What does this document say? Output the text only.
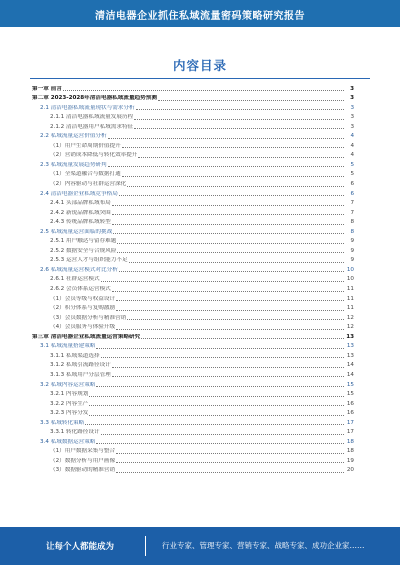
清洁电器企业抓住私域流量密码策略研究报告
内容目录
第一章 前言	3
第二章 2023-2028年清洁电器私域流量趋势预测	3
2.1 清洁电器私域流量现状与需求分析	3
2.1.1 清洁电器私域流量发展历程	3
2.1.2 清洁电器用户私域需求特征	3
2.2 私域流量运营价值分析	4
（1）用户生命周期价值提升	4
（2）营销成本降低与转化效率提升	4
2.3 私域流量发展趋势研判	5
（1）全渠道融合与数据打通	5
（2）内容驱动与社群运营深化	6
2.4 清洁电器企业私域竞争格局	6
2.4.1 头部品牌私域布局	7
2.4.2 新锐品牌私域突围	7
2.4.3 传统品牌私域转型	8
2.5 私域流量运营面临的挑战	8
2.5.1 用户触达与留存难题	9
2.5.2 数据安全与合规风险	9
2.5.3 运营人才与组织能力不足	9
2.6 私域流量运营模式对比分析	10
2.6.1 社群运营模式	10
2.6.2 会员体系运营模式	11
（1）会员等级与权益设计	11
（2）积分体系与复购激励	11
（3）会员数据分析与精准营销	12
（4）会员服务与体验升级	12
第三章 清洁电器企业私域流量运营策略研究	13
3.1 私域流量搭建策略	13
3.1.1 私域渠道选择	13
3.1.2 私域引流路径设计	14
3.1.3 私域用户分层管理	14
3.2 私域内容运营策略	15
3.2.1 内容规划	15
3.2.2 内容生产	16
3.2.3 内容分发	16
3.3 私域转化策略	17
3.3.1 转化路径设计	17
3.4 私域数据运营策略	18
（1）用户数据采集与整合	18
（2）数据分析与用户画像	19
（3）数据驱动的精准营销	20
让每个人都能成为	行业专家、管理专家、营销专家、战略专家、成功企业家……
